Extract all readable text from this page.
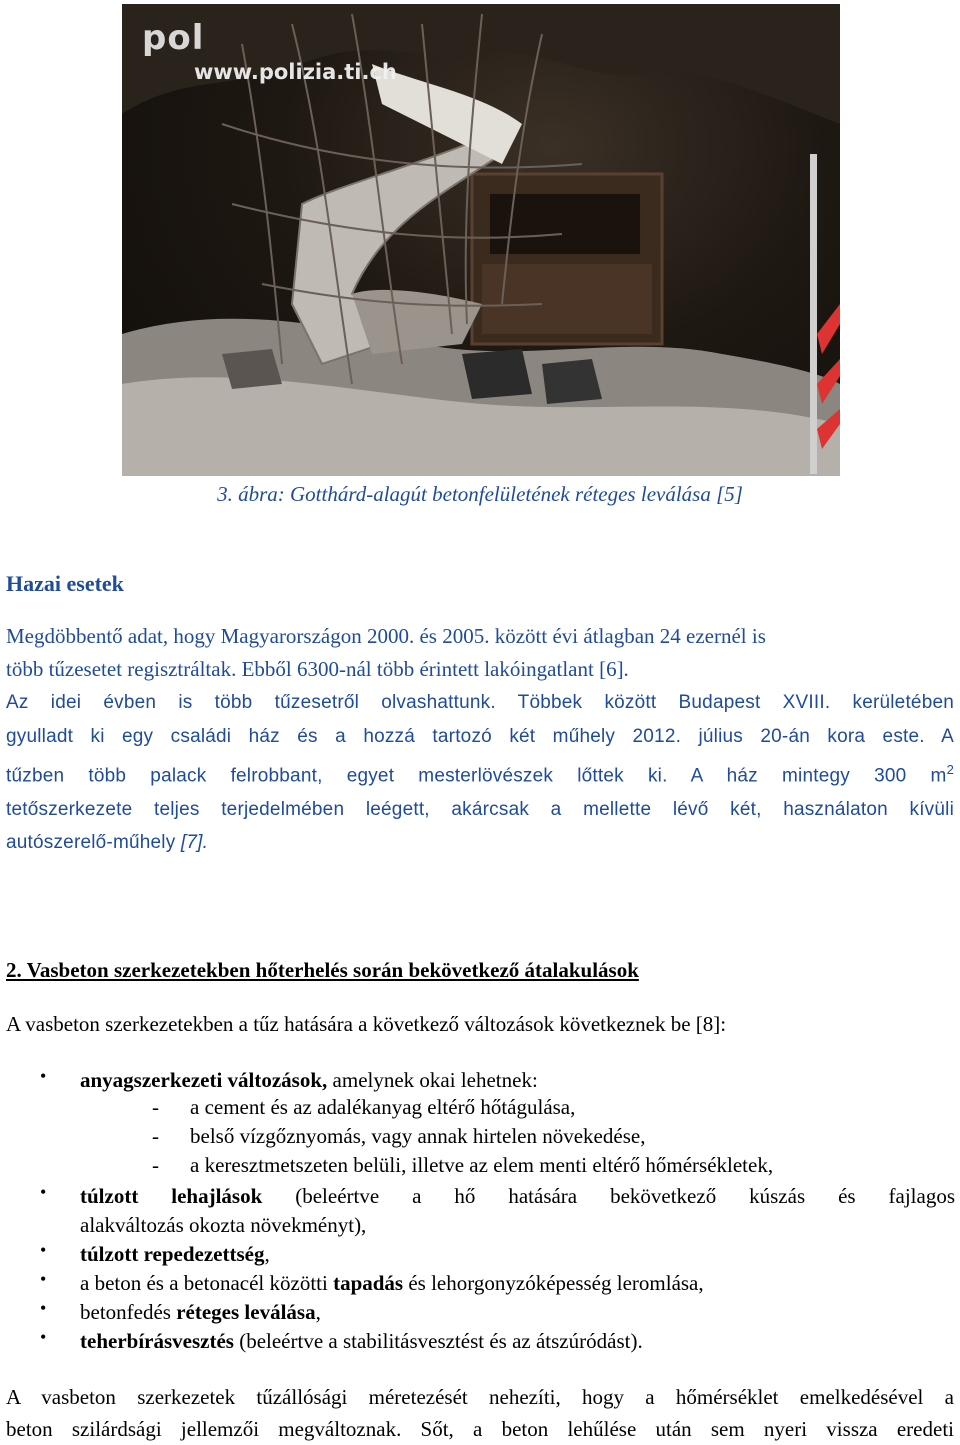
pol
www.polizia.ti.ch
3. ábra: Gotthárd-alagút betonfelületének réteges leválása [5]
Hazai esetek
Megdöbbentő adat, hogy Magyarországon 2000. és 2005. között évi átlagban 24 ezernél is
több tűzesetet regisztráltak. Ebből 6300-nál több érintett lakóingatlant [6].
Az idei évben is több tűzesetről olvashattunk. Többek között Budapest XVIII. kerületében
gyulladt ki egy családi ház és a hozzá tartozó két műhely 2012. július 20-án kora este. A
tűzben több palack felrobbant, egyet mesterlövészek lőttek ki. A ház mintegy 300 $m^2$
tetőszerkezete teljes terjedelmében leégett, akárcsak a mellette lévő két, használaton kívüli
autószerelő-műhely [7].
2. Vasbeton szerkezetekben hőterhelés során bekövetkező átalakulások
A vasbeton szerkezetekben a tűz hatására a következő változások következnek be [8]:
• anyagszerkezeti változások, amelynek okai lehetnek:
- a cement és az adalékanyag eltérő hőtágulása,
- belső vízgőznyomás, vagy annak hirtelen növekedése,
- a keresztmetszeten belüli, illetve az elem menti eltérő hőmérsékletek,
• túlzott lehajlások (beleértve a hő hatására bekövetkező kúszás és fajlagos
alakváltozás okozta növekményt),
• túlzott repedezettség,
• a beton és a betonacél közötti tapadás és lehorgonyzóképesség leromlása,
• betonfedés réteges leválása,
• teherbírásvesztés (beleértve a stabilitásvesztést és az átszúródást).
A vasbeton szerkezetek tűzállósági méretezését nehezíti, hogy a hőmérséklet emelkedésével a
beton szilárdsági jellemzői megváltoznak. Sőt, a beton lehűlése után sem nyeri vissza eredeti
